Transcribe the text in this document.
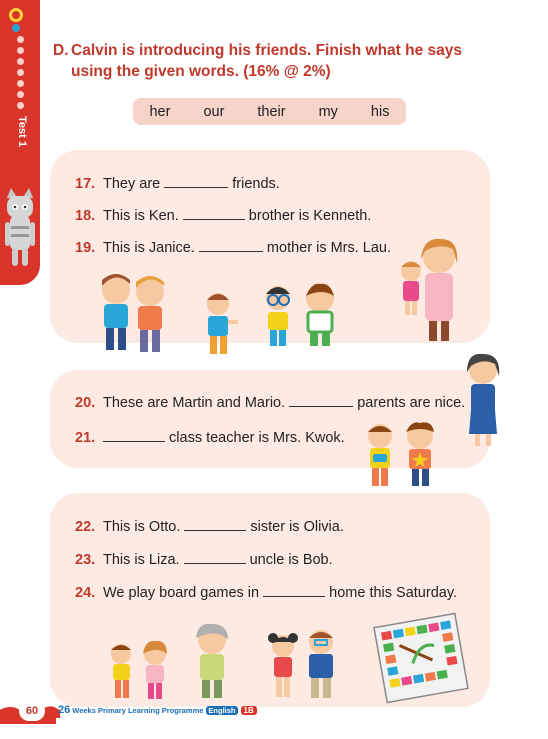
Test 1
D. Calvin is introducing his friends. Finish what he says
using the given words. (16% @ 2%)
her our their my his
17. They are	friends.
18. This is Ken.	brother is Kenneth.
19. This is Janice.	mother is Mrs. Lau.
20. These are Martin and Mario.	parents are nice.
21.	class teacher is Mrs. Kwok.
22. This is Otto.	sister is Olivia.
23. This is Liza.	uncle is Bob.
24. We play board games in	home this Saturday.
60	26 Weeks Primary Learning Programme English 1B
